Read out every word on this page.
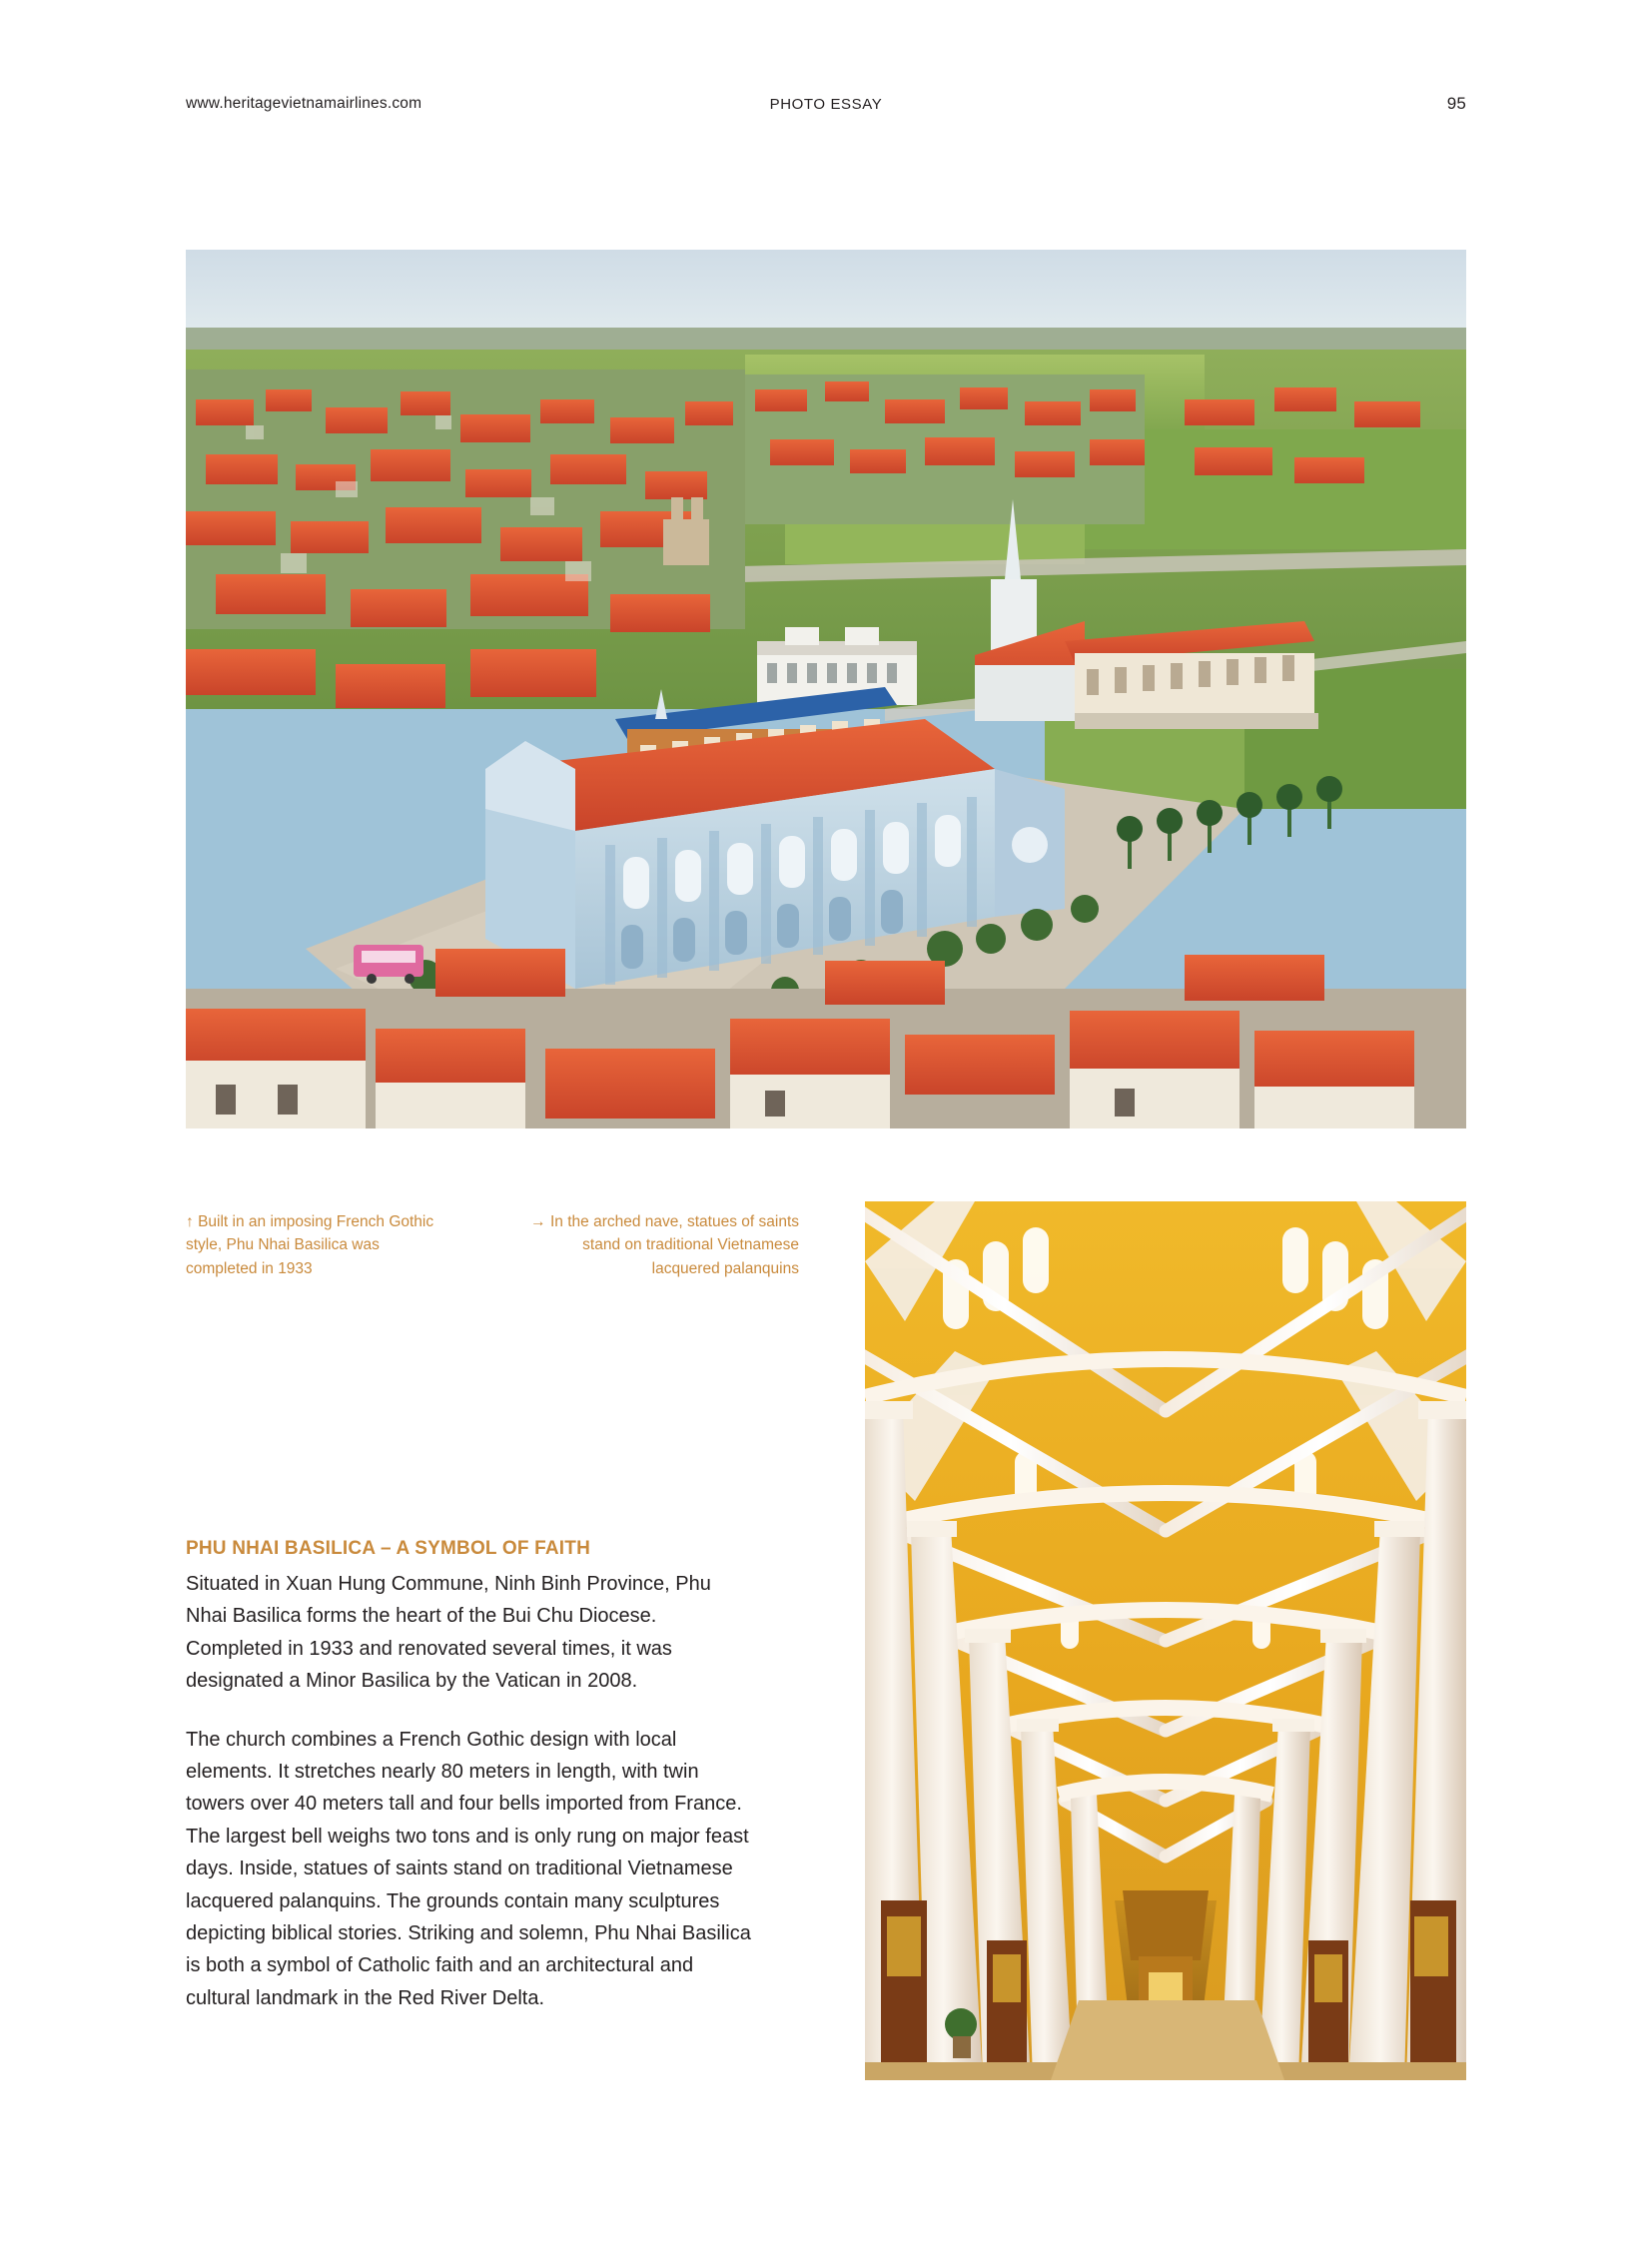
www.heritagevietnamairlines.com	PHOTO ESSAY	95
↑ Built in an imposing French Gothic style, Phu Nhai Basilica was completed in 1933
→ In the arched nave, statues of saints stand on traditional Vietnamese lacquered palanquins
PHU NHAI BASILICA – A SYMBOL OF FAITH

Situated in Xuan Hung Commune, Ninh Binh Province, Phu Nhai Basilica forms the heart of the Bui Chu Diocese. Completed in 1933 and renovated several times, it was designated a Minor Basilica by the Vatican in 2008.

The church combines a French Gothic design with local elements. It stretches nearly 80 meters in length, with twin towers over 40 meters tall and four bells imported from France. The largest bell weighs two tons and is only rung on major feast days. Inside, statues of saints stand on traditional Vietnamese lacquered palanquins. The grounds contain many sculptures depicting biblical stories. Striking and solemn, Phu Nhai Basilica is both a symbol of Catholic faith and an architectural and cultural landmark in the Red River Delta.
